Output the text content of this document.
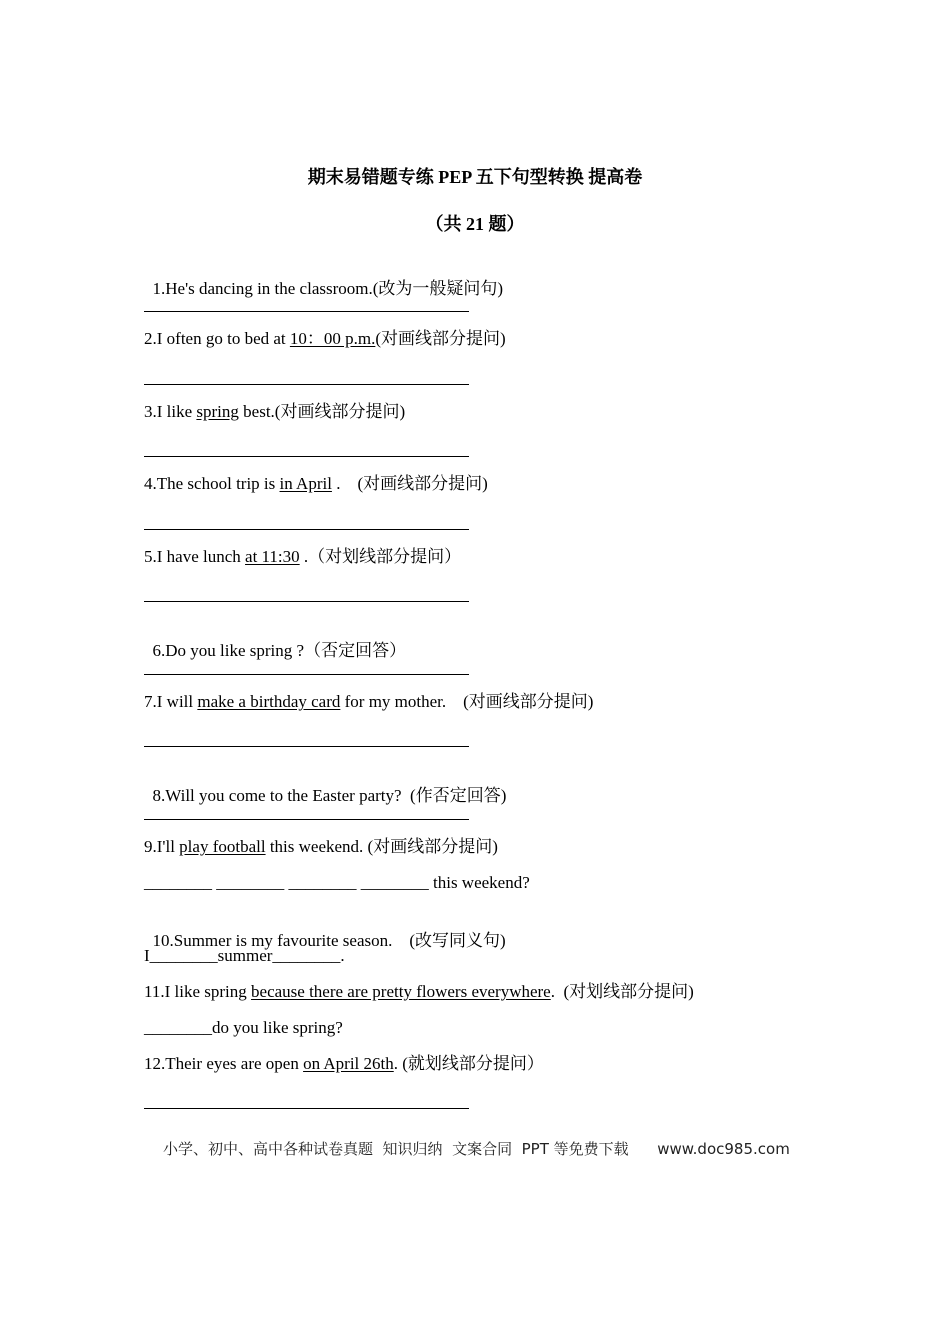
期末易错题专练 PEP 五下句型转换 提高卷
（共 21 题）

1.He's dancing in the classroom.(改为一般疑问句)

2.I often go to bed at 10：00 p.m.(对画线部分提问)
3.I like spring best.(对画线部分提问)
4.The school trip is in April .    (对画线部分提问)
5.I have lunch at 11:30 .（对划线部分提问）

6.Do you like spring ?（否定回答）

7.I will make a birthday card for my mother.    (对画线部分提问)

8.Will you come to the Easter party?  (作否定回答)

9.I'll play football this weekend. (对画线部分提问)
________ ________ ________ ________ this weekend?

10.Summer is my favourite season.    (改写同义句)

I________summer________.
11.I like spring because there are pretty flowers everywhere.  (对划线部分提问)
________do you like spring?
12.Their eyes are open on April 26th. (就划线部分提问）
小学、初中、高中各种试卷真题  知识归纳  文案合同  PPT 等免费下载      www.doc985.com
